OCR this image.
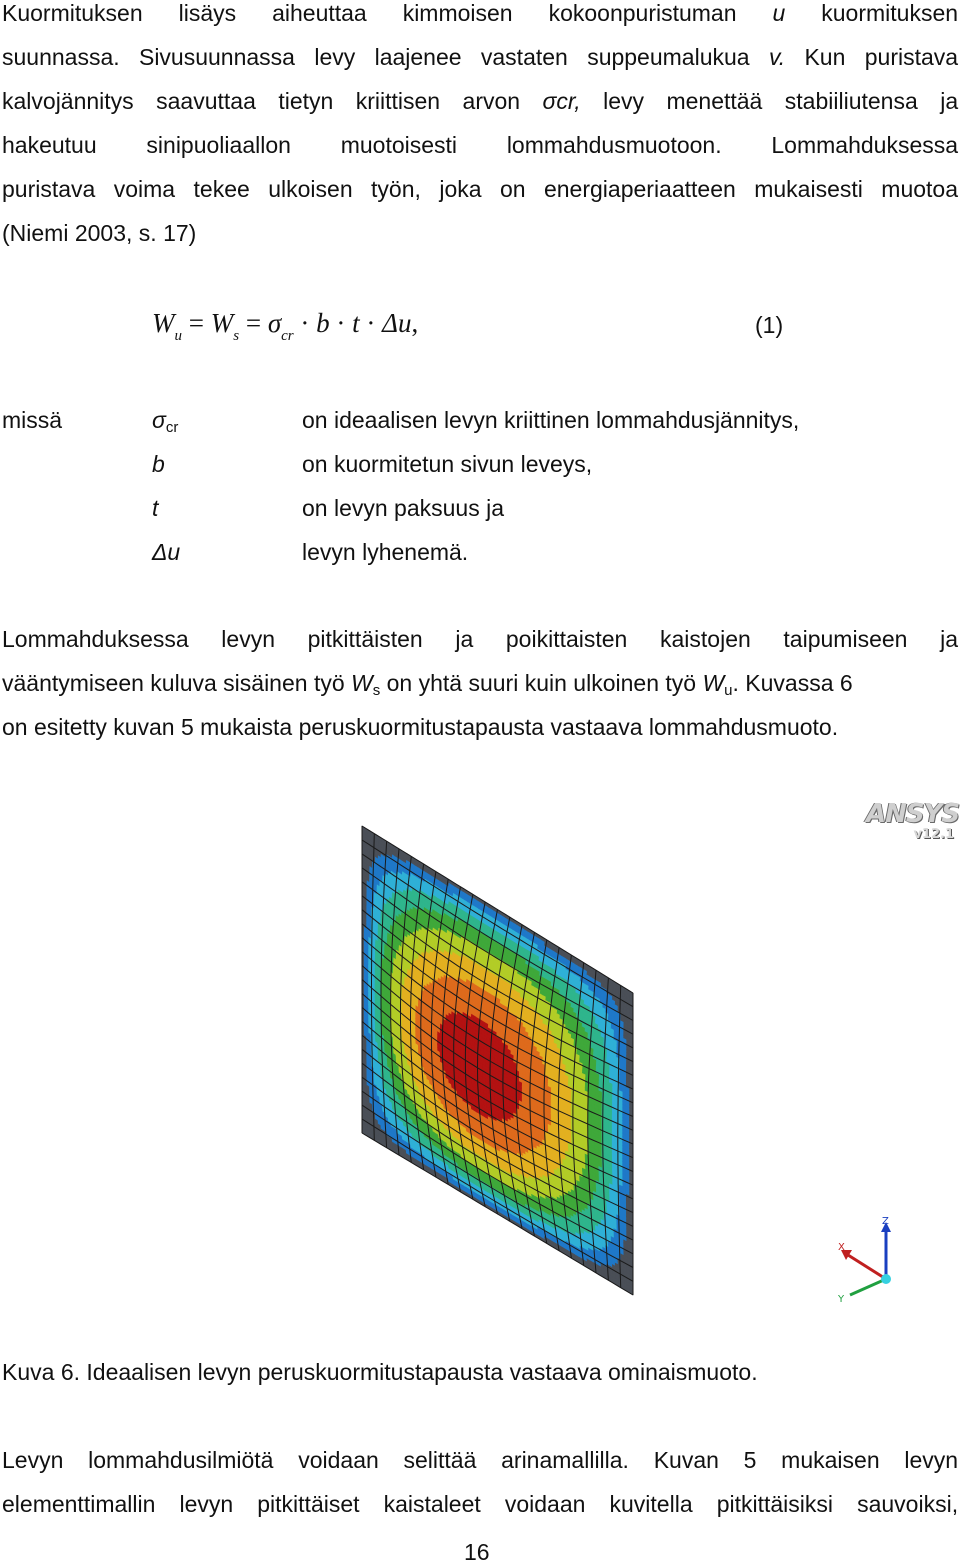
Kuormituksen lisäys aiheuttaa kimmoisen kokoonpuristuman u kuormituksen
suunnassa. Sivusuunnassa levy laajenee vastaten suppeumalukua v. Kun puristava
kalvojännitys saavuttaa tietyn kriittisen arvon σcr, levy menettää stabiiliutensa ja
hakeutuu sinipuoliaallon muotoisesti lommahdusmuotoon. Lommahduksessa
puristava voima tekee ulkoisen työn, joka on energiaperiaatteen mukaisesti muotoa
(Niemi 2003, s. 17)
$W_u = W_s = \sigma_{cr} \cdot b \cdot t \cdot \Delta u$,	(1)
missä	$\sigma_{cr}$	on ideaalisen levyn kriittinen lommahdusjännitys,
b	on kuormitetun sivun leveys,
t	on levyn paksuus ja
Δu	levyn lyhenemä.
Lommahduksessa levyn pitkittäisten ja poikittaisten kaistojen taipumiseen ja
vääntymiseen kuluva sisäinen työ $W_s$ on yhtä suuri kuin ulkoinen työ $W_u$. Kuvassa 6
on esitetty kuvan 5 mukaista peruskuormitustapausta vastaava lommahdusmuoto.
Z
X
Y
ANSYS
v12.1
Kuva 6. Ideaalisen levyn peruskuormitustapausta vastaava ominaismuoto.
Levyn lommahdusilmiötä voidaan selittää arinamallilla. Kuvan 5 mukaisen levyn
elementtimallin levyn pitkittäiset kaistaleet voidaan kuvitella pitkittäisiksi sauvoiksi,
16
